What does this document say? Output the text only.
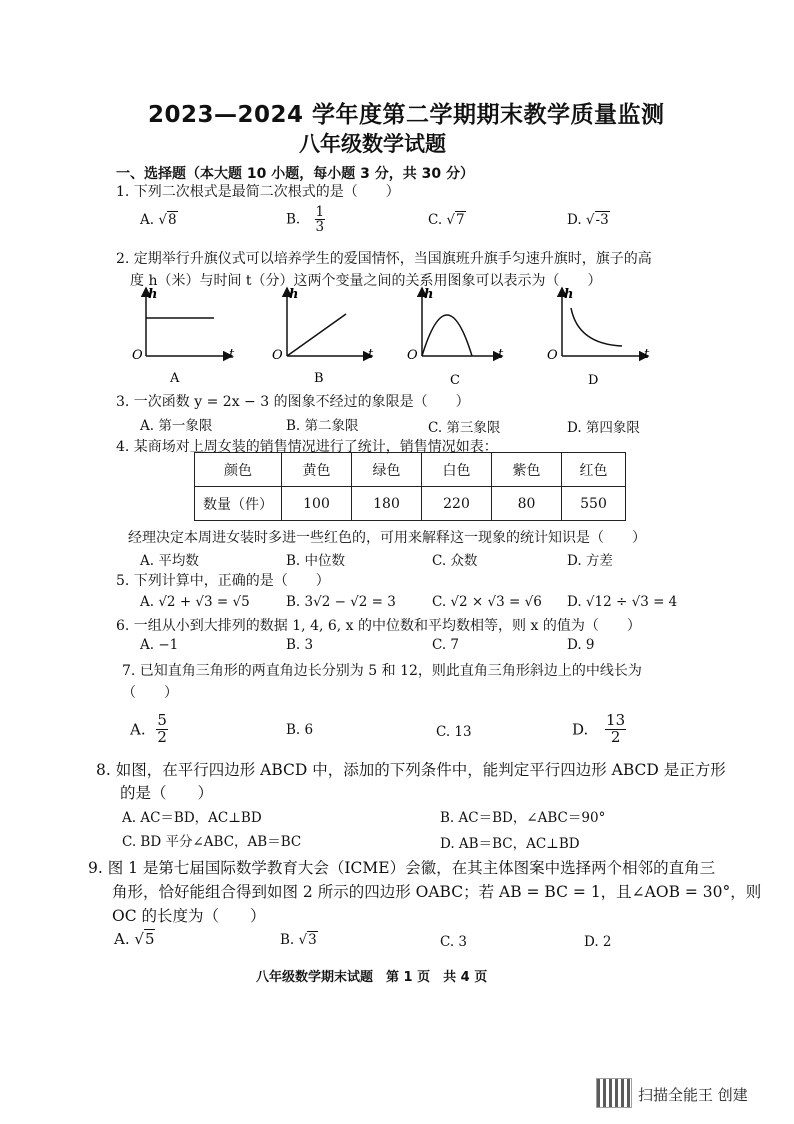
2023—2024 学年度第二学期期末教学质量监测
八年级数学试题
一、选择题（本大题 10 小题，每小题 3 分，共 30 分）
1. 下列二次根式是最简二次根式的是（　　）
A. √8	B. $\frac{1}{3}$	C. √7	D. √-3
2. 定期举行升旗仪式可以培养学生的爱国情怀，当国旗班升旗手匀速升旗时，旗子的高
度 h（米）与时间 t（分）这两个变量之间的关系用图象可以表示为（　　）
h
t
O
h
t
O
h
t
O
h
t
O
A	B	C	D
3. 一次函数 y = 2x − 3 的图象不经过的象限是（　　）
A. 第一象限	B. 第二象限	C. 第三象限	D. 第四象限
4. 某商场对上周女装的销售情况进行了统计，销售情况如表：
颜色	黄色	绿色	白色	紫色	红色
数量（件）	100	180	220	80	550
经理决定本周进女装时多进一些红色的，可用来解释这一现象的统计知识是（　　）
A. 平均数	B. 中位数	C. 众数	D. 方差
5. 下列计算中，正确的是（　　）
A. √2 + √3 = √5	B. 3√2 − √2 = 3	C. √2 × √3 = √6 D. √12 ÷ √3 = 4
6. 一组从小到大排列的数据 1, 4, 6, x 的中位数和平均数相等，则 x 的值为（　　）
A. −1	B. 3	C. 7	D. 9
7. 已知直角三角形的两直角边长分别为 5 和 12，则此直角三角形斜边上的中线长为
（　　）
A. $\frac{5}{2}$	B. 6	C. 13	D. $\frac{13}{2}$
8. 如图，在平行四边形 ABCD 中，添加的下列条件中，能判定平行四边形 ABCD 是正方形
的是（　　）
A. AC＝BD，AC⊥BD	B. AC＝BD，∠ABC＝90°
C. BD 平分∠ABC，AB＝BC	D. AB＝BC，AC⊥BD
9. 图 1 是第七届国际数学教育大会（ICME）会徽，在其主体图案中选择两个相邻的直角三
角形，恰好能组合得到如图 2 所示的四边形 OABC；若 AB = BC = 1，且∠AOB = 30°，则
OC 的长度为（　　）
A. √5	B. √3	C. 3	D. 2
八年级数学期末试题　第 1 页　共 4 页
扫描全能王 创建
